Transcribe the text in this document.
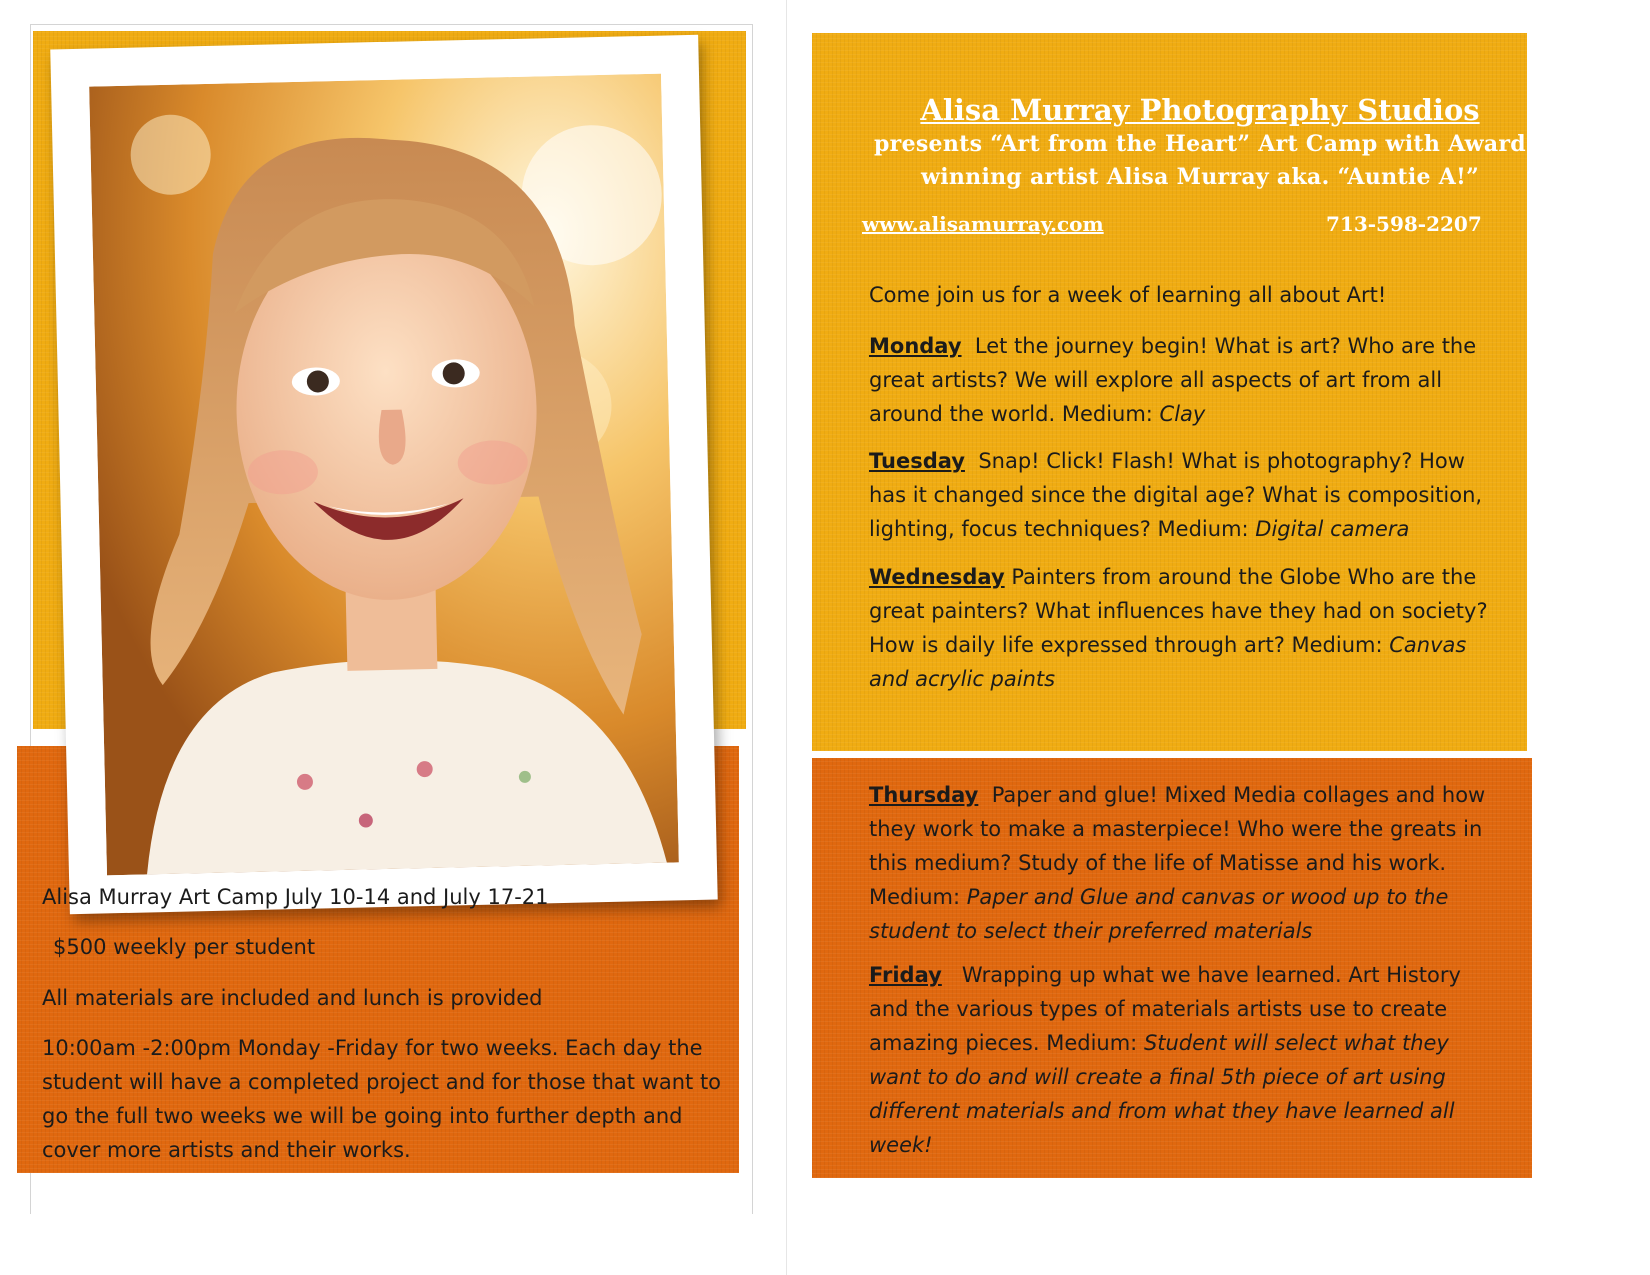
Alisa Murray Art Camp July 10-14 and July 17-21
$500 weekly per student
All materials are included and lunch is provided
10:00am -2:00pm Monday -Friday for two weeks. Each day the student will have a completed project and for those that want to go the full two weeks we will be going into further depth and cover more artists and their works.
Alisa Murray Photography Studios
presents “Art from the Heart” Art Camp with Award
winning artist Alisa Murray aka. “Auntie A!”
www.alisamurray.com	713-598-2207
Come join us for a week of learning all about Art!

Monday Let the journey begin! What is art? Who are the great artists? We will explore all aspects of art from all around the world. Medium: Clay

Tuesday Snap! Click! Flash! What is photography? How has it changed since the digital age? What is composition, lighting, focus techniques? Medium: Digital camera

Wednesday Painters from around the Globe Who are the great painters? What influences have they had on society? How is daily life expressed through art? Medium: Canvas and acrylic paints

Thursday Paper and glue! Mixed Media collages and how they work to make a masterpiece! Who were the greats in this medium? Study of the life of Matisse and his work. Medium: Paper and Glue and canvas or wood up to the student to select their preferred materials

Friday Wrapping up what we have learned. Art History and the various types of materials artists use to create amazing pieces. Medium: Student will select what they want to do and will create a final 5th piece of art using different materials and from what they have learned all week!
